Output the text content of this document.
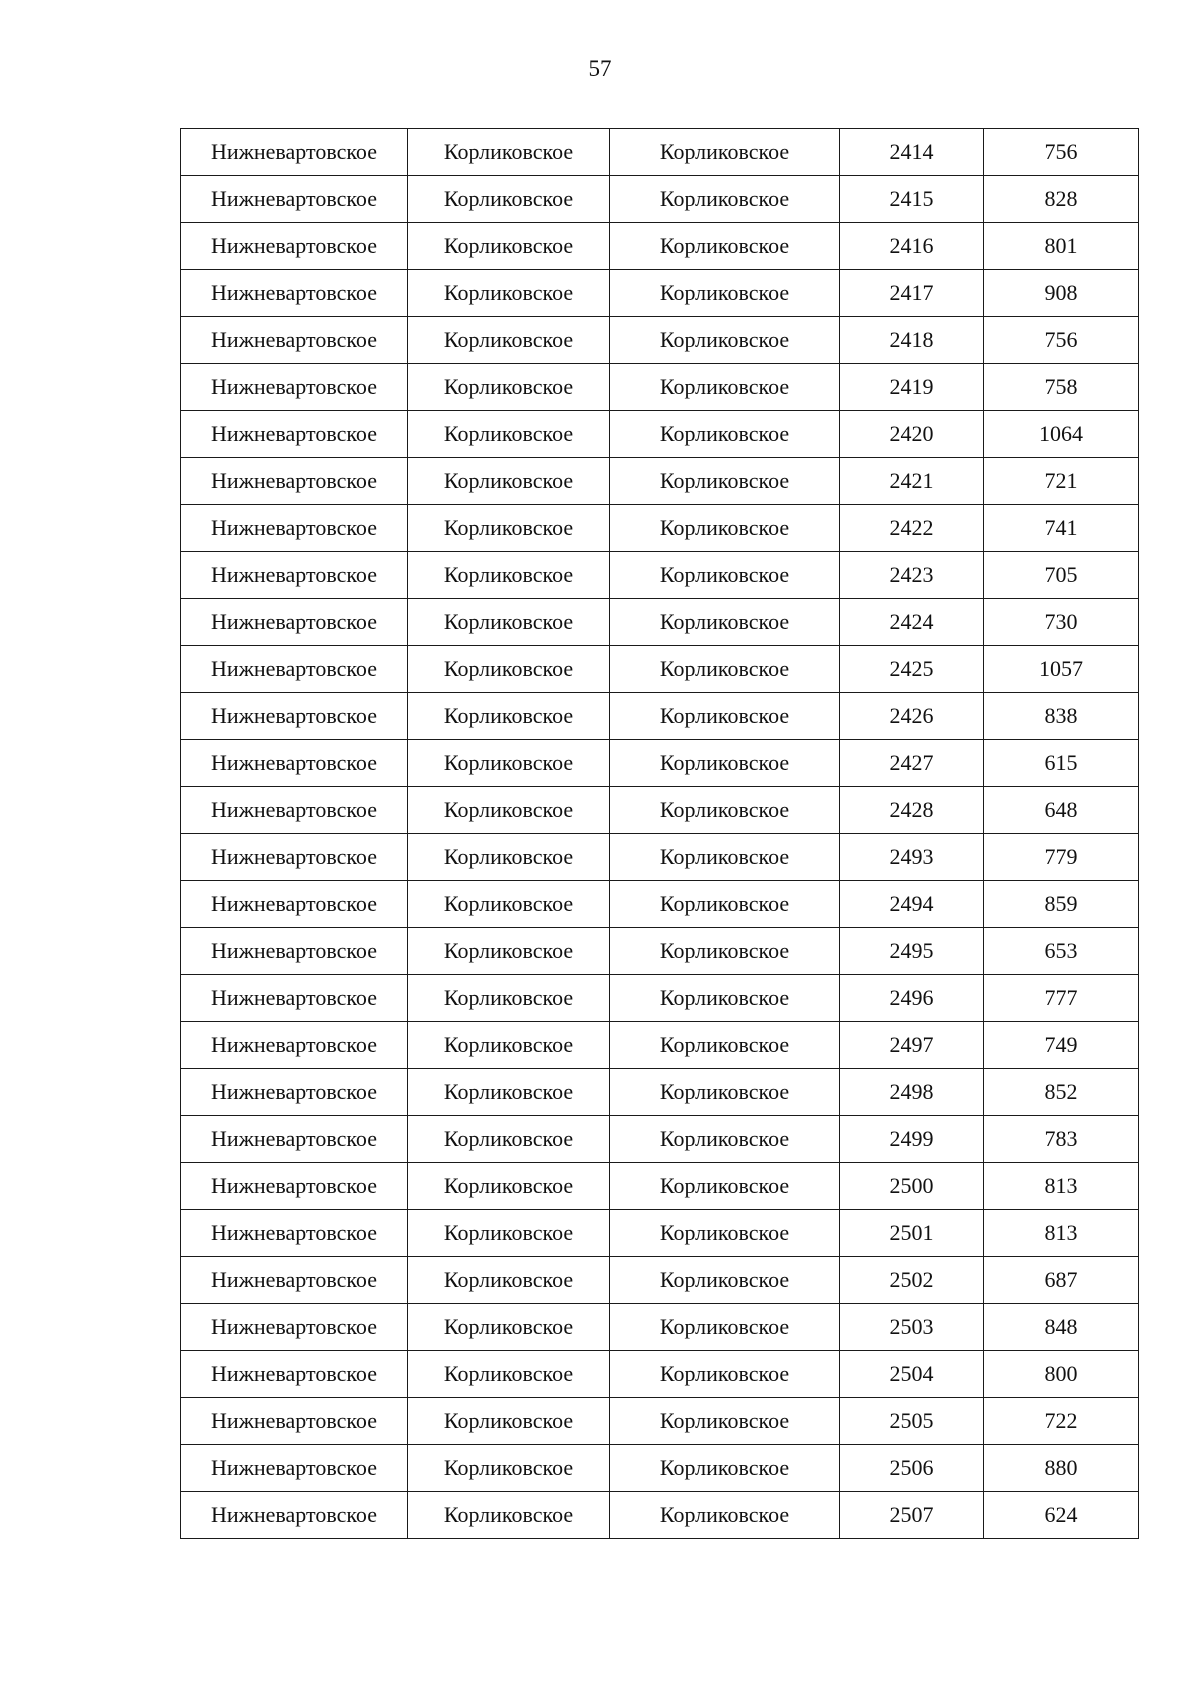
57
Нижневартовское	Корликовское	Корликовское	2414	756
Нижневартовское	Корликовское	Корликовское	2415	828
Нижневартовское	Корликовское	Корликовское	2416	801
Нижневартовское	Корликовское	Корликовское	2417	908
Нижневартовское	Корликовское	Корликовское	2418	756
Нижневартовское	Корликовское	Корликовское	2419	758
Нижневартовское	Корликовское	Корликовское	2420	1064
Нижневартовское	Корликовское	Корликовское	2421	721
Нижневартовское	Корликовское	Корликовское	2422	741
Нижневартовское	Корликовское	Корликовское	2423	705
Нижневартовское	Корликовское	Корликовское	2424	730
Нижневартовское	Корликовское	Корликовское	2425	1057
Нижневартовское	Корликовское	Корликовское	2426	838
Нижневартовское	Корликовское	Корликовское	2427	615
Нижневартовское	Корликовское	Корликовское	2428	648
Нижневартовское	Корликовское	Корликовское	2493	779
Нижневартовское	Корликовское	Корликовское	2494	859
Нижневартовское	Корликовское	Корликовское	2495	653
Нижневартовское	Корликовское	Корликовское	2496	777
Нижневартовское	Корликовское	Корликовское	2497	749
Нижневартовское	Корликовское	Корликовское	2498	852
Нижневартовское	Корликовское	Корликовское	2499	783
Нижневартовское	Корликовское	Корликовское	2500	813
Нижневартовское	Корликовское	Корликовское	2501	813
Нижневартовское	Корликовское	Корликовское	2502	687
Нижневартовское	Корликовское	Корликовское	2503	848
Нижневартовское	Корликовское	Корликовское	2504	800
Нижневартовское	Корликовское	Корликовское	2505	722
Нижневартовское	Корликовское	Корликовское	2506	880
Нижневартовское	Корликовское	Корликовское	2507	624
